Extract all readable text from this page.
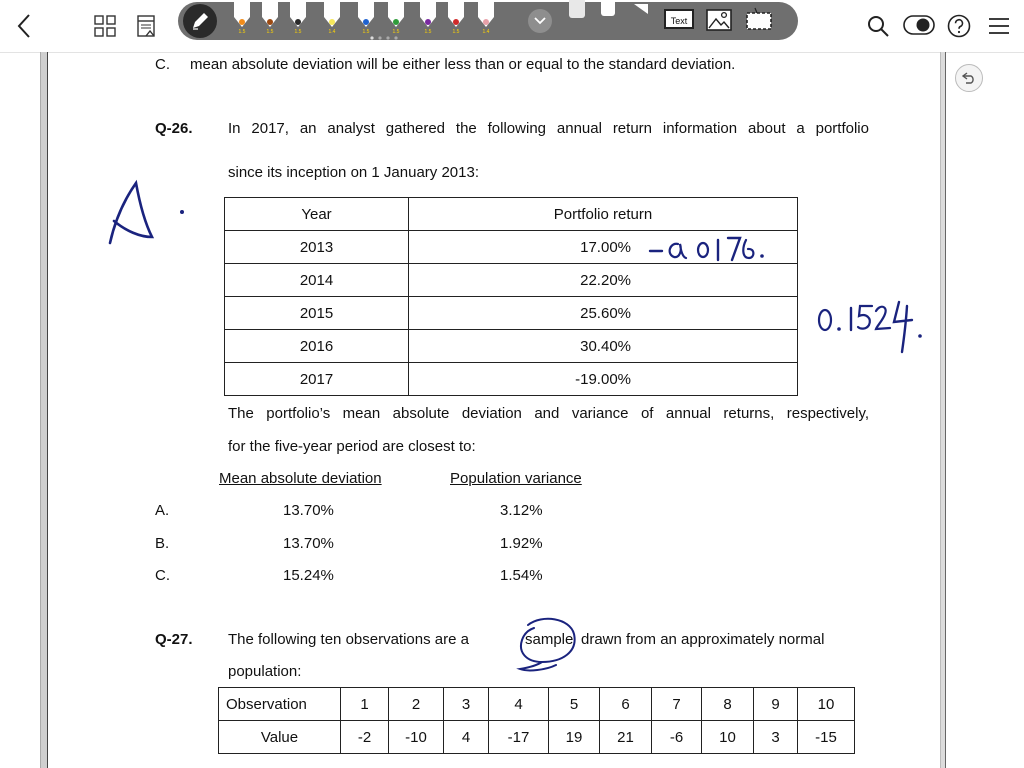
1.5	1.5	1.5	1.4	1.5	1.5	1.5	1.5	1.4
Text
C. mean absolute deviation will be either less than or equal to the standard deviation.
Q-26. In 2017, an analyst gathered the following annual return information about a portfolio
since its inception on 1 January 2013:
Year	Portfolio return
2013	17.00%
2014	22.20%
2015	25.60%
2016	30.40%
2017	-19.00%
The portfolio’s mean absolute deviation and variance of annual returns, respectively,
for the five-year period are closest to:
Mean absolute deviation	Population variance
A.	13.70%	3.12%
B.	13.70%	1.92%
C.	15.24%	1.54%
Q-27. The following ten observations are a	sample drawn from an approximately normal
population:
Observation	1	2	3	4	5	6	7	8	9	10
Value	-2	-10	4	-17	19	21	-6	10	3	-15
